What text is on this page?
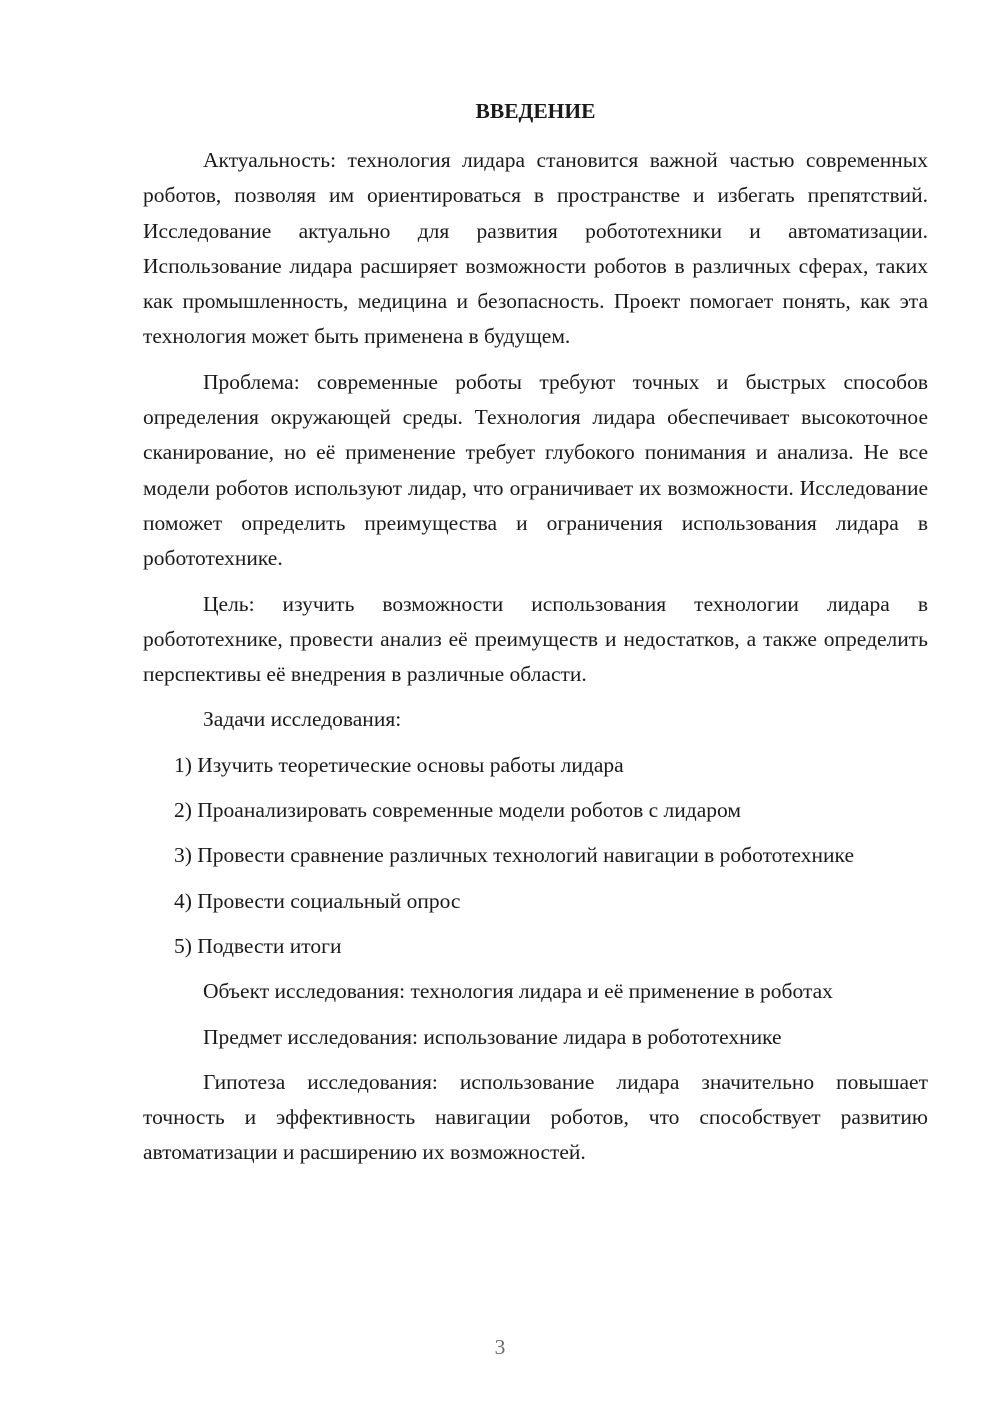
ВВЕДЕНИЕ

Актуальность: технология лидара становится важной частью современных роботов, позволяя им ориентироваться в пространстве и избегать препятствий. Исследование актуально для развития робототехники и автоматизации. Использование лидара расширяет возможности роботов в различных сферах, таких как промышленность, медицина и безопасность. Проект помогает понять, как эта технология может быть применена в будущем.

Проблема: современные роботы требуют точных и быстрых способов определения окружающей среды. Технология лидара обеспечивает высокоточное сканирование, но её применение требует глубокого понимания и анализа. Не все модели роботов используют лидар, что ограничивает их возможности. Исследование поможет определить преимущества и ограничения использования лидара в робототехнике.

Цель: изучить возможности использования технологии лидара в робототехнике, провести анализ её преимуществ и недостатков, а также определить перспективы её внедрения в различные области.

Задачи исследования:

1) Изучить теоретические основы работы лидара

2) Проанализировать современные модели роботов с лидаром

3) Провести сравнение различных технологий навигации в робототехнике

4) Провести социальный опрос

5) Подвести итоги

Объект исследования: технология лидара и её применение в роботах

Предмет исследования: использование лидара в робототехнике

Гипотеза исследования: использование лидара значительно повышает точность и эффективность навигации роботов, что способствует развитию автоматизации и расширению их возможностей.

3
